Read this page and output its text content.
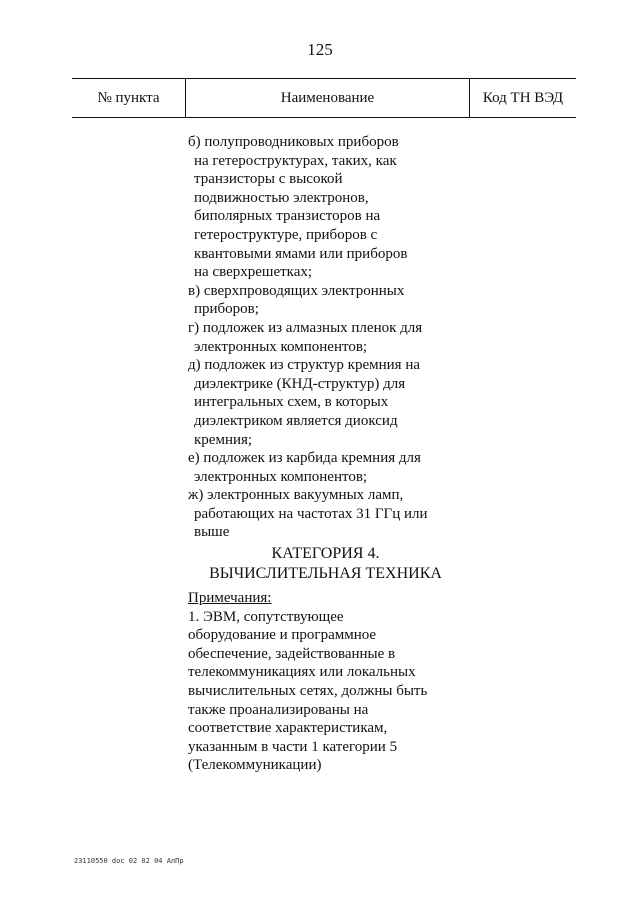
125
№ пункта	Наименование	Код ТН ВЭД
б) полупроводниковых приборов
на гетероструктурах, таких, как
транзисторы с высокой
подвижностью электронов,
биполярных транзисторов на
гетероструктуре, приборов с
квантовыми ямами или приборов
на сверхрешетках;
в) сверхпроводящих электронных
приборов;
г) подложек из алмазных пленок для
электронных компонентов;
д) подложек из структур кремния на
диэлектрике (КНД-структур) для
интегральных схем, в которых
диэлектриком является диоксид
кремния;
е) подложек из карбида кремния для
электронных компонентов;
ж) электронных вакуумных ламп,
работающих на частотах 31 ГГц или
выше
КАТЕГОРИЯ 4.
ВЫЧИСЛИТЕЛЬНАЯ ТЕХНИКА
Примечания:
1. ЭВМ, сопутствующее
оборудование и программное
обеспечение, задействованные в
телекоммуникациях или локальных
вычислительных сетях, должны быть
также проанализированы на
соответствие характеристикам,
указанным в части 1 категории 5
(Телекоммуникации)
23110550 doc 02 02 04 АлПр
